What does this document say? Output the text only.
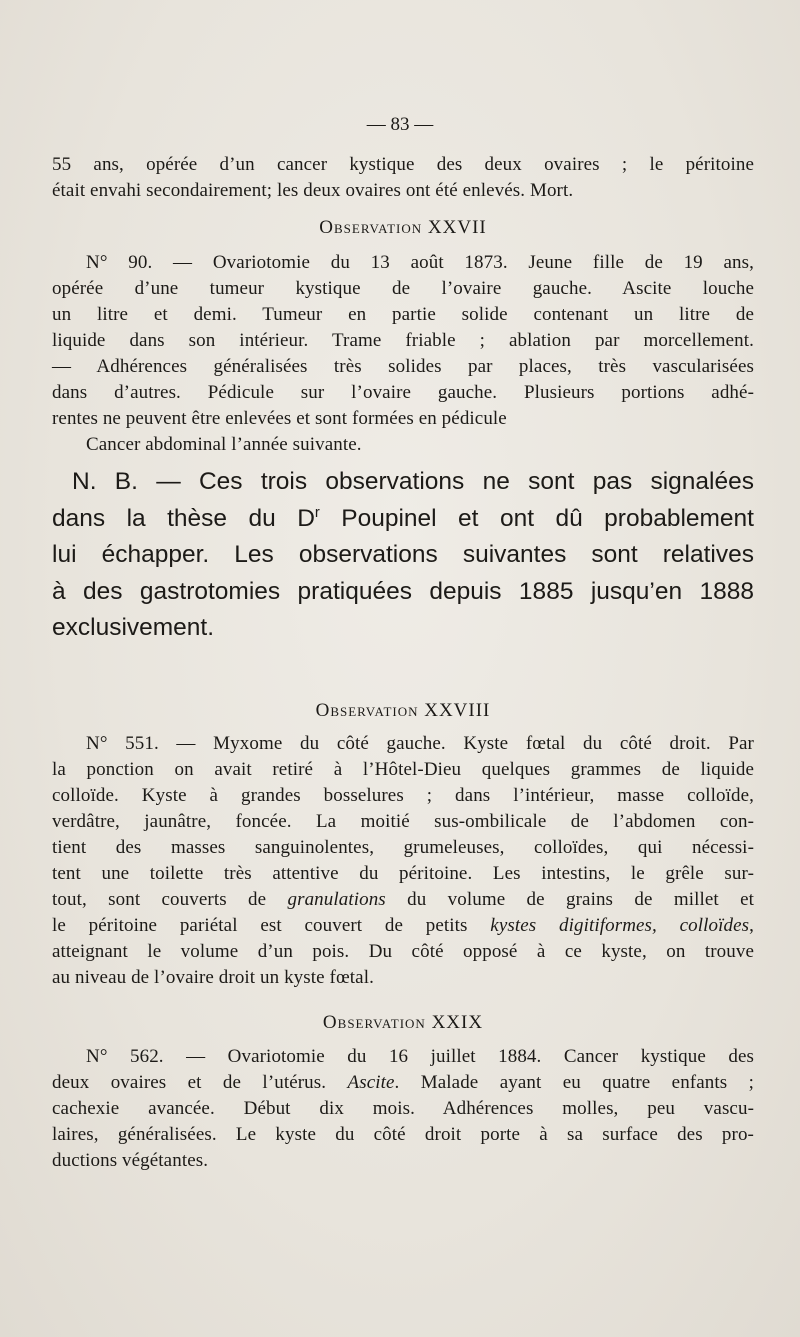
— 83 —

55 ans, opérée d’un cancer kystique des deux ovaires ; le péritoine

était envahi secondairement; les deux ovaires ont été enlevés. Mort.

Observation XXVII

N° 90. — Ovariotomie du 13 août 1873. Jeune fille de 19 ans,

opérée d’une tumeur kystique de l’ovaire gauche. Ascite louche

un litre et demi. Tumeur en partie solide contenant un litre de

liquide dans son intérieur. Trame friable ; ablation par morcellement.

— Adhérences généralisées très solides par places, très vascularisées

dans d’autres. Pédicule sur l’ovaire gauche. Plusieurs portions adhé-

rentes ne peuvent être enlevées et sont formées en pédicule

Cancer abdominal l’année suivante.

N. B. — Ces trois observations ne sont pas signalées

dans la thèse du $D^r$ Poupinel et ont dû probablement

lui échapper. Les observations suivantes sont relatives

à des gastrotomies pratiquées depuis 1885 jusqu’en 1888

exclusivement.

Observation XXVIII

N° 551. — Myxome du côté gauche. Kyste fœtal du côté droit. Par

la ponction on avait retiré à l’Hôtel-Dieu quelques grammes de liquide

colloïde. Kyste à grandes bosselures ; dans l’intérieur, masse colloïde,

verdâtre, jaunâtre, foncée. La moitié sus-ombilicale de l’abdomen con-

tient des masses sanguinolentes, grumeleuses, colloïdes, qui nécessi-

tent une toilette très attentive du péritoine. Les intestins, le grêle sur-

tout, sont couverts de granulations du volume de grains de millet et

le péritoine pariétal est couvert de petits kystes digitiformes, colloïdes,

atteignant le volume d’un pois. Du côté opposé à ce kyste, on trouve

au niveau de l’ovaire droit un kyste fœtal.

Observation XXIX

N° 562. — Ovariotomie du 16 juillet 1884. Cancer kystique des

deux ovaires et de l’utérus. Ascite. Malade ayant eu quatre enfants ;

cachexie avancée. Début dix mois. Adhérences molles, peu vascu-

laires, généralisées. Le kyste du côté droit porte à sa surface des pro-

ductions végétantes.
